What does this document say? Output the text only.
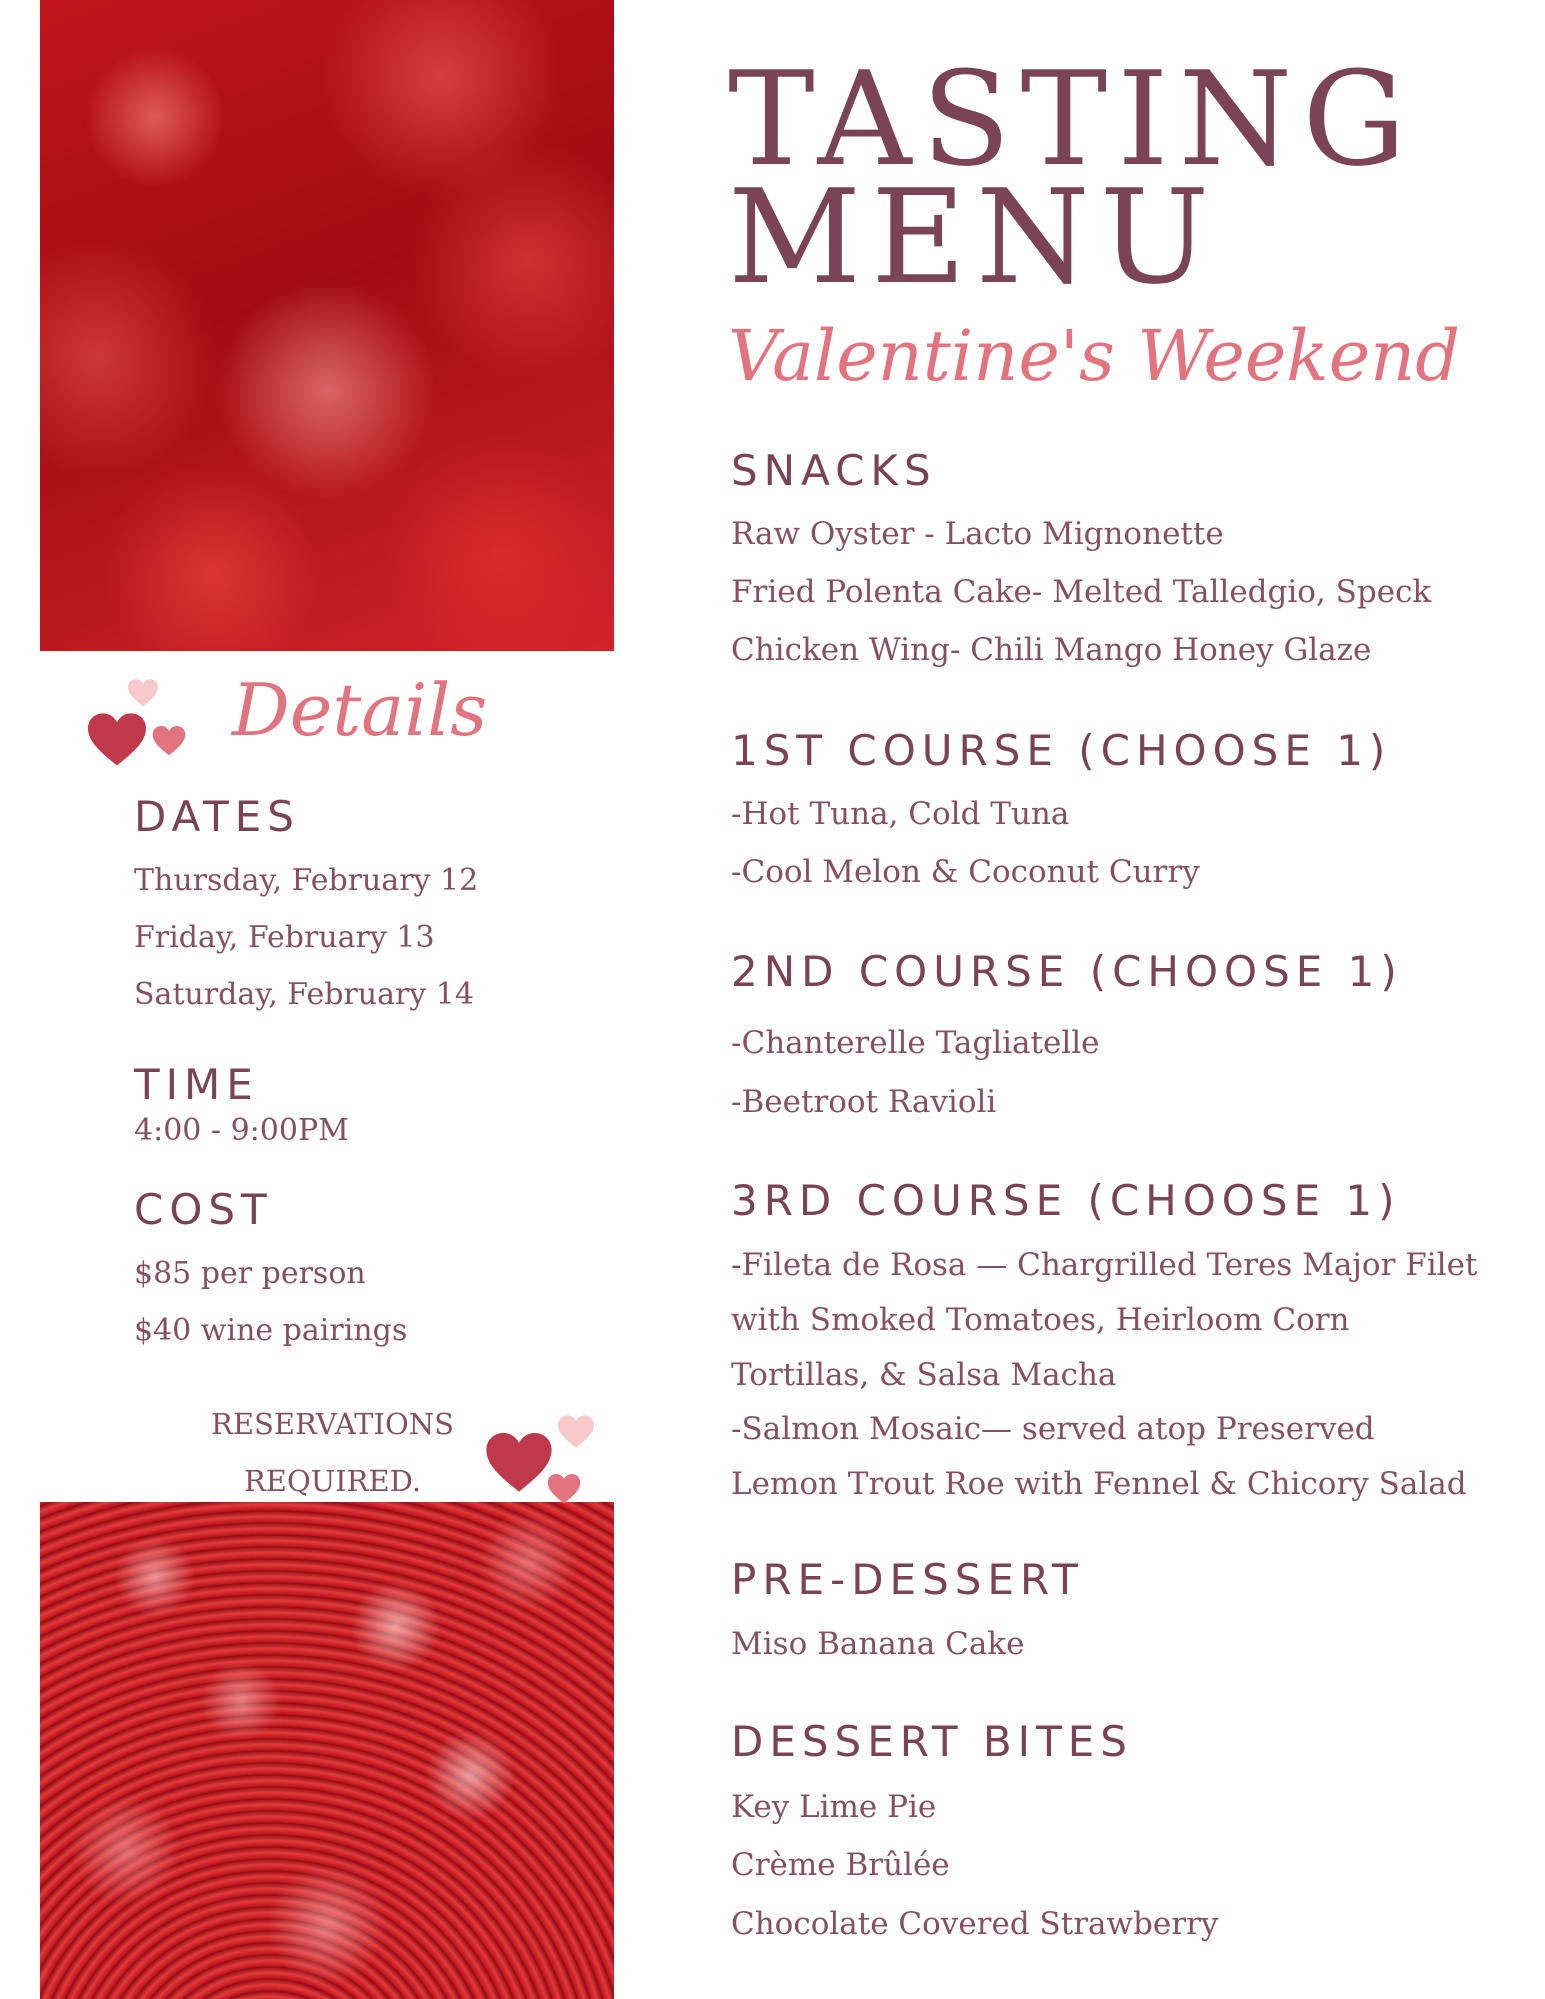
Details
DATES
Thursday, February 12
Friday, February 13
Saturday, February 14
TIME
4:00 - 9:00PM
COST
$85 per person
$40 wine pairings
RESERVATIONS
REQUIRED.
TASTING
MENU
Valentine's Weekend
SNACKS
Raw Oyster - Lacto Mignonette
Fried Polenta Cake- Melted Talledgio, Speck
Chicken Wing- Chili Mango Honey Glaze
1ST COURSE (CHOOSE 1)
-Hot Tuna, Cold Tuna
-Cool Melon & Coconut Curry
2ND COURSE (CHOOSE 1)
-Chanterelle Tagliatelle
-Beetroot Ravioli
3RD COURSE (CHOOSE 1)
-Fileta de Rosa — Chargrilled Teres Major Filet
with Smoked Tomatoes, Heirloom Corn
Tortillas, & Salsa Macha
-Salmon Mosaic— served atop Preserved
Lemon Trout Roe with Fennel & Chicory Salad
PRE-DESSERT
Miso Banana Cake
DESSERT BITES
Key Lime Pie
Crème Brûlée
Chocolate Covered Strawberry
